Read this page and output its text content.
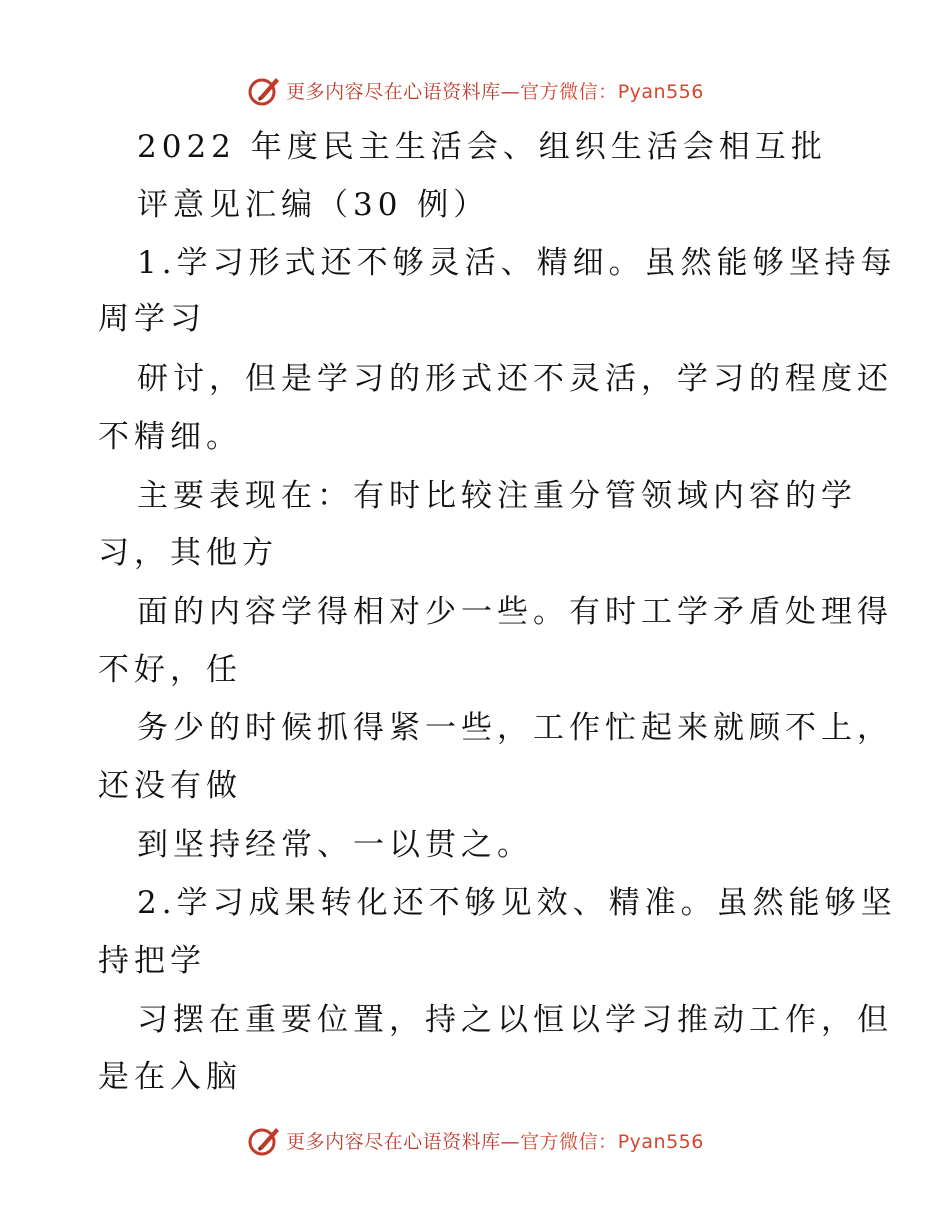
更多内容尽在心语资料库—官方微信：Pyan556
2022 年度民主生活会、组织生活会相互批
评意见汇编（30 例）
1.学习形式还不够灵活、精细。虽然能够坚持每
周学习
研讨，但是学习的形式还不灵活，学习的程度还
不精细。
主要表现在：有时比较注重分管领域内容的学
习，其他方
面的内容学得相对少一些。有时工学矛盾处理得
不好，任
务少的时候抓得紧一些，工作忙起来就顾不上，
还没有做
到坚持经常、一以贯之。
2.学习成果转化还不够见效、精准。虽然能够坚
持把学
习摆在重要位置，持之以恒以学习推动工作，但
是在入脑
更多内容尽在心语资料库—官方微信：Pyan556
